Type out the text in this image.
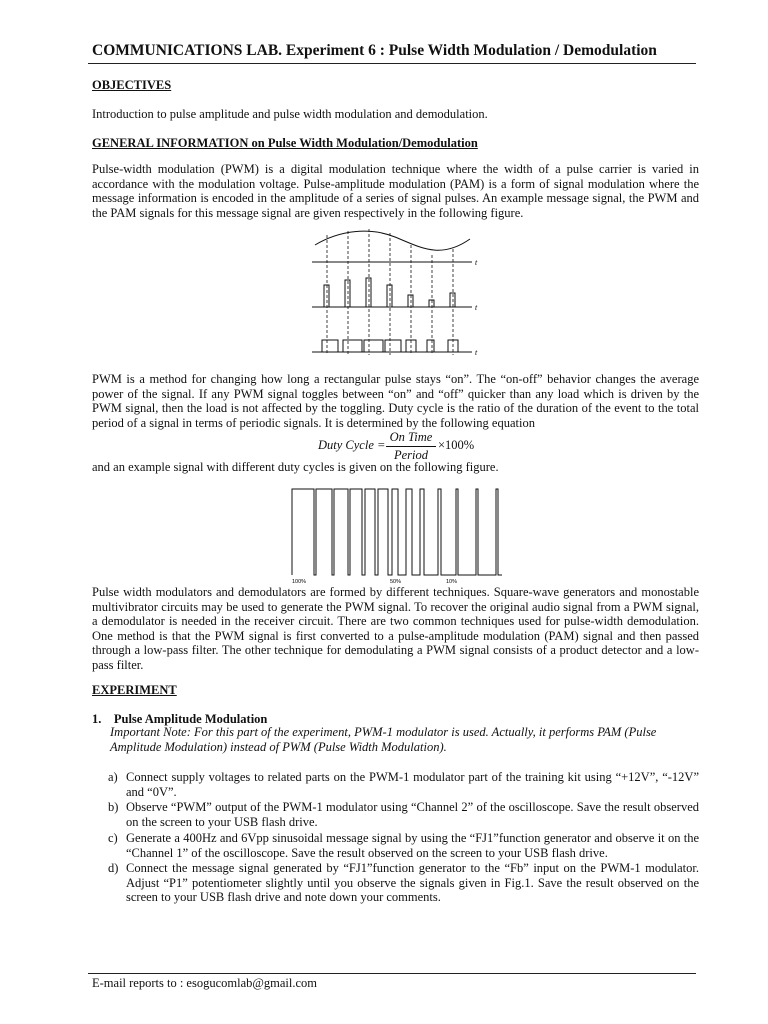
COMMUNICATIONS LAB. Experiment 6 : Pulse Width Modulation / Demodulation
OBJECTIVES
Introduction to pulse amplitude and pulse width modulation and demodulation.
GENERAL INFORMATION on Pulse Width Modulation/Demodulation
Pulse-width modulation (PWM) is a digital modulation technique where the width of a pulse carrier is varied in accordance with the modulation voltage. Pulse-amplitude modulation (PAM) is a form of signal modulation where the message information is encoded in the amplitude of a series of signal pulses. An example message signal, the PWM and the PAM signals for this message signal are given respectively in the following figure.
t
t
t
PWM is a method for changing how long a rectangular pulse stays “on”. The “on-off” behavior changes the average power of the signal. If any PWM signal toggles between “on” and “off” quicker than any load which is driven by the PWM signal, then the load is not affected by the toggling. Duty cycle is the ratio of the duration of the event to the total period of a signal in terms of periodic signals. It is determined by the following equation
Duty Cycle =
On Time
Period
×100%
and an example signal with different duty cycles is given on the following figure.
100%	50%	10%
Pulse width modulators and demodulators are formed by different techniques. Square-wave generators and monostable multivibrator circuits may be used to generate the PWM signal. To recover the original audio signal from a PWM signal, a demodulator is needed in the receiver circuit. There are two common techniques used for pulse-width demodulation. One method is that the PWM signal is first converted to a pulse-amplitude modulation (PAM) signal and then passed through a low-pass filter. The other technique for demodulating a PWM signal consists of a product detector and a low-pass filter.
EXPERIMENT
1. Pulse Amplitude Modulation
Important Note: For this part of the experiment, PWM-1 modulator is used. Actually, it performs PAM (Pulse Amplitude Modulation) instead of PWM (Pulse Width Modulation).
a) Connect supply voltages to related parts on the PWM-1 modulator part of the training kit using “+12V”, “-12V” and “0V”.
b) Observe “PWM” output of the PWM-1 modulator using “Channel 2” of the oscilloscope. Save the result observed on the screen to your USB flash drive.
c) Generate a 400Hz and 6Vpp sinusoidal message signal by using the “FJ1”function generator and observe it on the “Channel 1” of the oscilloscope. Save the result observed on the screen to your USB flash drive.
d) Connect the message signal generated by “FJ1”function generator to the “Fb” input on the PWM-1 modulator. Adjust “P1” potentiometer slightly until you observe the signals given in Fig.1. Save the result observed on the screen to your USB flash drive and note down your comments.
E-mail reports to : esogucomlab@gmail.com
